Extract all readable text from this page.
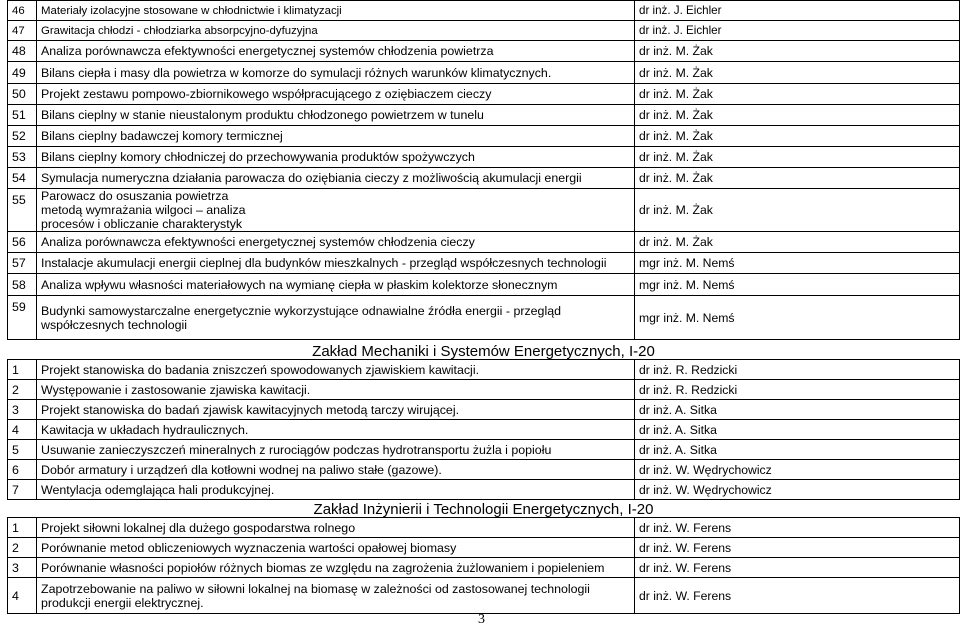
46	Materiały izolacyjne stosowane w chłodnictwie i klimatyzacji	dr inż. J. Eichler
47	Grawitacja chłodzi - chłodziarka absorpcyjno-dyfuzyjna	dr inż. J. Eichler
48	Analiza porównawcza efektywności energetycznej systemów chłodzenia powietrza	dr inż. M. Żak
49	Bilans ciepła i masy dla powietrza w komorze do symulacji różnych warunków klimatycznych.	dr inż. M. Żak
50	Projekt zestawu pompowo-zbiornikowego współpracującego z oziębiaczem cieczy	dr inż. M. Żak
51	Bilans cieplny w stanie nieustalonym produktu chłodzonego powietrzem w tunelu	dr inż. M. Żak
52	Bilans cieplny badawczej komory termicznej	dr inż. M. Żak
53	Bilans cieplny komory chłodniczej do przechowywania produktów spożywczych	dr inż. M. Żak
54	Symulacja numeryczna działania parowacza do oziębiania cieczy z możliwością akumulacji energii	dr inż. M. Żak
55	Parowacz do osuszania powietrza metodą wymrażania wilgoci – analiza procesów i obliczanie charakterystyk	dr inż. M. Żak
56	Analiza porównawcza efektywności energetycznej systemów chłodzenia cieczy	dr inż. M. Żak
57	Instalacje akumulacji energii cieplnej dla budynków mieszkalnych - przegląd współczesnych technologii	mgr inż. M. Nemś
58	Analiza wpływu własności materiałowych na wymianę ciepła w płaskim kolektorze słonecznym	mgr inż. M. Nemś
59	Budynki samowystarczalne energetycznie wykorzystujące odnawialne źródła energii - przegląd współczesnych technologii	mgr inż. M. Nemś
Zakład Mechaniki i Systemów Energetycznych, I-20		
1	Projekt stanowiska do badania zniszczeń spowodowanych zjawiskiem kawitacji.	dr inż. R. Redzicki
2	Występowanie i zastosowanie zjawiska kawitacji.	dr inż. R. Redzicki
3	Projekt stanowiska do badań zjawisk kawitacyjnych metodą tarczy wirującej.	dr inż. A. Sitka
4	Kawitacja w układach hydraulicznych.	dr inż. A. Sitka
5	Usuwanie zanieczyszczeń mineralnych z rurociągów podczas hydrotransportu żużla i popiołu	dr inż. A. Sitka
6	Dobór armatury i urządzeń dla kotłowni wodnej na paliwo stałe (gazowe).	dr inż. W. Wędrychowicz
7	Wentylacja odemglająca hali produkcyjnej.	dr inż. W. Wędrychowicz
Zakład Inżynierii i Technologii Energetycznych, I-20		
1	Projekt siłowni lokalnej dla dużego gospodarstwa rolnego	dr inż. W. Ferens
2	Porównanie metod obliczeniowych wyznaczenia wartości opałowej biomasy	dr inż. W. Ferens
3	Porównanie własności popiołów różnych biomas ze względu na zagrożenia żużlowaniem i popieleniem	dr inż. W. Ferens
4	Zapotrzebowanie na paliwo w siłowni lokalnej na biomasę w zależności od zastosowanej technologii produkcji energii elektrycznej.	dr inż. W. Ferens
3
